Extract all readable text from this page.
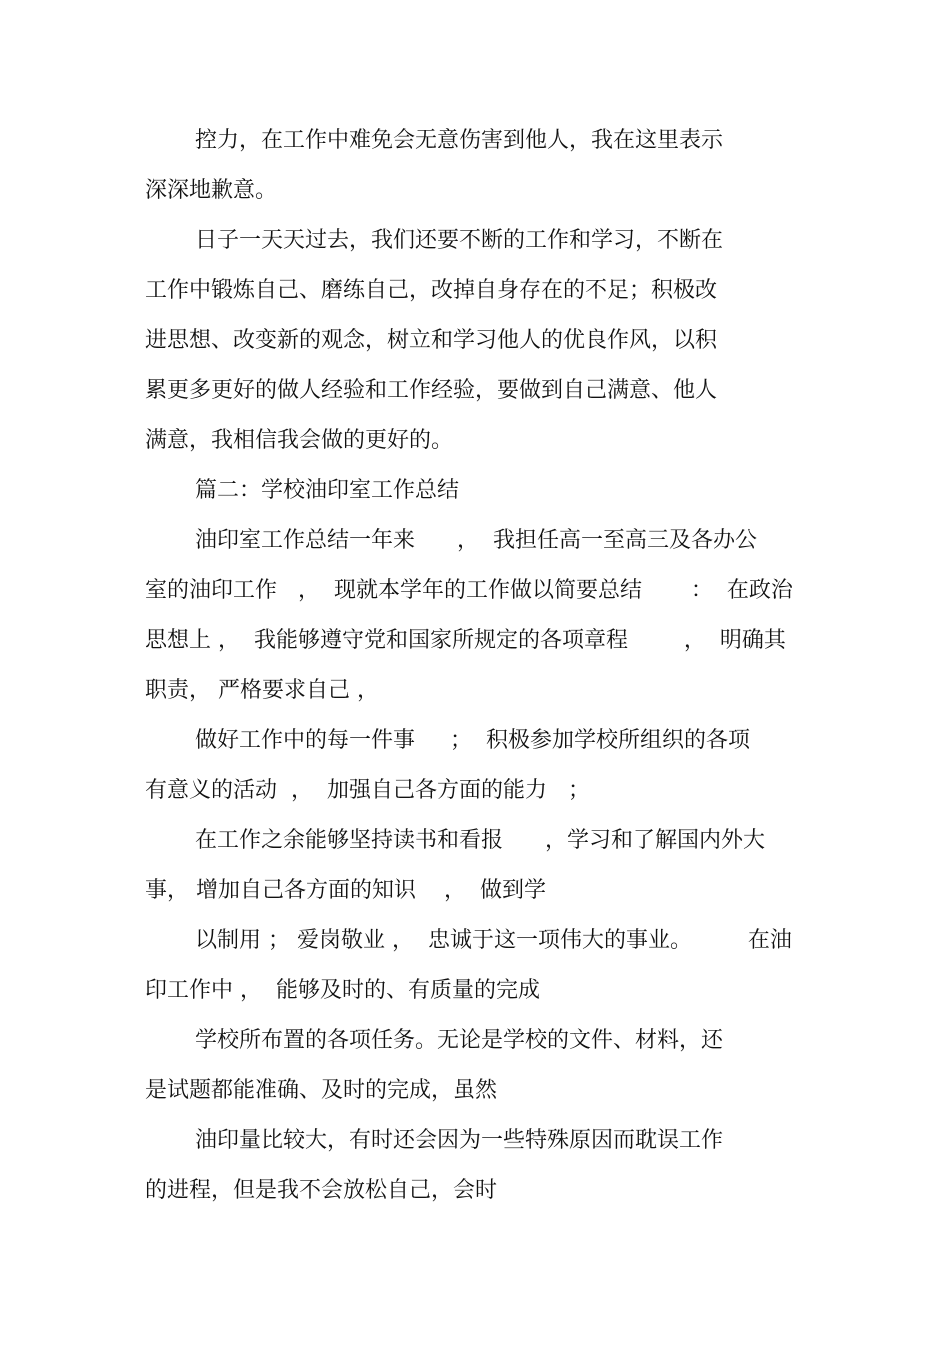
控力，在工作中难免会无意伤害到他人，我在这里表示
深深地歉意。
日子一天天过去，我们还要不断的工作和学习，不断在
工作中锻炼自己、磨练自己，改掉自身存在的不足；积极改
进思想、改变新的观念，树立和学习他人的优良作风，以积
累更多更好的做人经验和工作经验，要做到自己满意、他人
满意，我相信我会做的更好的。
篇二：学校油印室工作总结
油印室工作总结一年来      ，  我担任高一至高三及各办公
室的油印工作   ，  现就本学年的工作做以简要总结       ：  在政治
思想上 ，  我能够遵守党和国家所规定的各项章程        ，  明确其
职责， 严格要求自己 ，
做好工作中的每一件事     ；  积极参加学校所组织的各项
有意义的活动  ，  加强自己各方面的能力   ；
在工作之余能够坚持读书和看报      ，学习和了解国内外大
事， 增加自己各方面的知识    ，  做到学
以制用 ； 爱岗敬业 ，  忠诚于这一项伟大的事业。        在油
印工作中 ，  能够及时的、有质量的完成
学校所布置的各项任务。无论是学校的文件、材料，还
是试题都能准确、及时的完成，虽然
油印量比较大，有时还会因为一些特殊原因而耽误工作
的进程，但是我不会放松自己，会时
